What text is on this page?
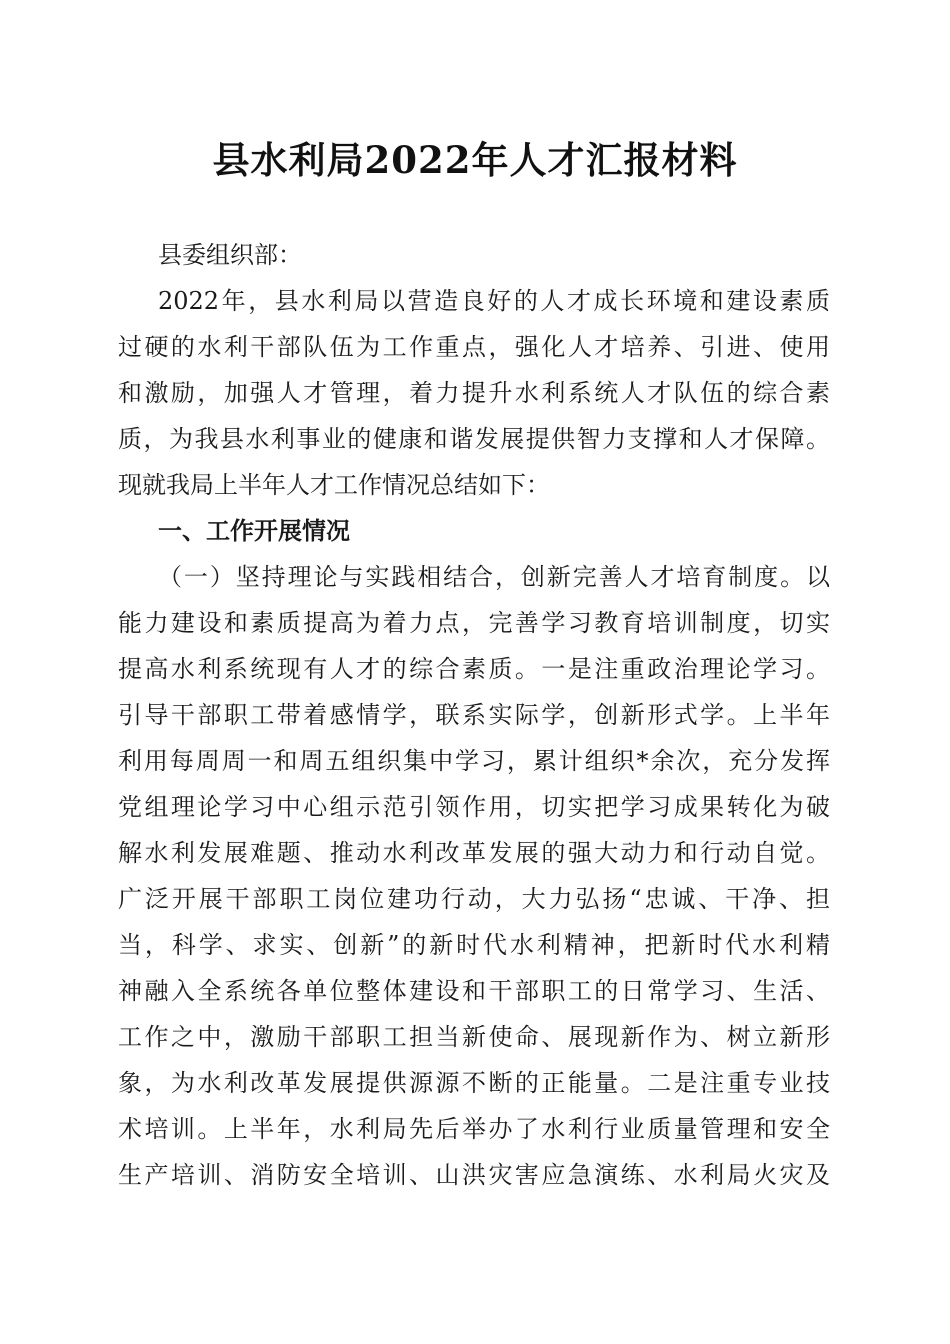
县水利局2022年人才汇报材料
县委组织部：
2022年，县水利局以营造良好的人才成长环境和建设素质
过硬的水利干部队伍为工作重点，强化人才培养、引进、使用
和激励，加强人才管理，着力提升水利系统人才队伍的综合素
质，为我县水利事业的健康和谐发展提供智力支撑和人才保障。
现就我局上半年人才工作情况总结如下：
一、工作开展情况
（一）坚持理论与实践相结合，创新完善人才培育制度。以
能力建设和素质提高为着力点，完善学习教育培训制度，切实
提高水利系统现有人才的综合素质。一是注重政治理论学习。
引导干部职工带着感情学，联系实际学，创新形式学。上半年
利用每周周一和周五组织集中学习，累计组织*余次，充分发挥
党组理论学习中心组示范引领作用，切实把学习成果转化为破
解水利发展难题、推动水利改革发展的强大动力和行动自觉。
广泛开展干部职工岗位建功行动，大力弘扬“忠诚、干净、担
当，科学、求实、创新”的新时代水利精神，把新时代水利精
神融入全系统各单位整体建设和干部职工的日常学习、生活、
工作之中，激励干部职工担当新使命、展现新作为、树立新形
象，为水利改革发展提供源源不断的正能量。二是注重专业技
术培训。上半年，水利局先后举办了水利行业质量管理和安全
生产培训、消防安全培训、山洪灾害应急演练、水利局火灾及
